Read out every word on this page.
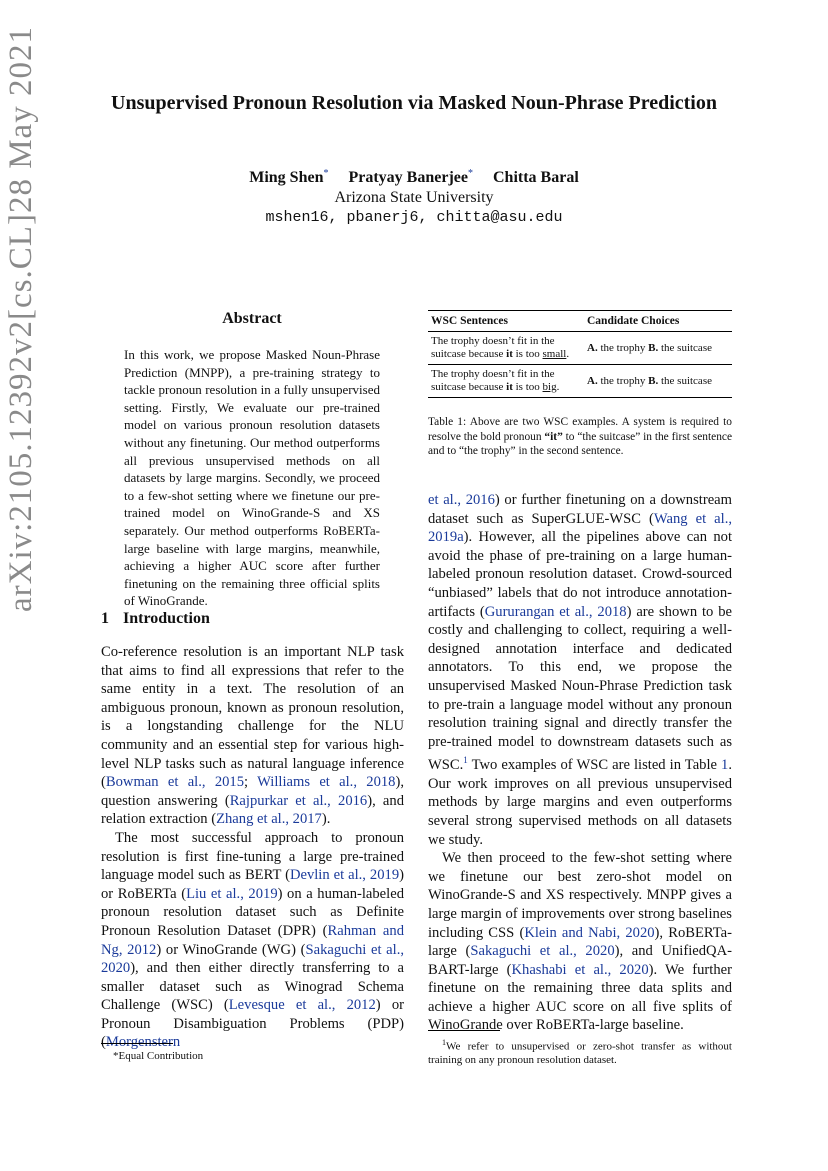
arXiv:2105.12392v2
[cs.CL]
28 May 2021	Unsupervised Pronoun Resolution via Masked Noun-Phrase Prediction
Ming Shen* Pratyay Banerjee* Chitta Baral
Arizona State University
mshen16, pbanerj6, chitta@asu.edu
Abstract
In this work, we propose Masked Noun-Phrase Prediction (MNPP), a pre-training strategy to tackle pronoun resolution in a fully unsupervised setting. Firstly, We evaluate our pre-trained model on various pronoun resolution datasets without any finetuning. Our method outperforms all previous unsupervised methods on all datasets by large margins. Secondly, we proceed to a few-shot setting where we finetune our pre-trained model on WinoGrande-S and XS separately. Our method outperforms RoBERTa-large baseline with large margins, meanwhile, achieving a higher AUC score after further finetuning on the remaining three official splits of WinoGrande.
1 Introduction

Co-reference resolution is an important NLP task that aims to find all expressions that refer to the same entity in a text. The resolution of an ambiguous pronoun, known as pronoun resolution, is a longstanding challenge for the NLU community and an essential step for various high-level NLP tasks such as natural language inference (Bowman et al., 2015; Williams et al., 2018), question answering (Rajpurkar et al., 2016), and relation extraction (Zhang et al., 2017).

The most successful approach to pronoun resolution is first fine-tuning a large pre-trained language model such as BERT (Devlin et al., 2019) or RoBERTa (Liu et al., 2019) on a human-labeled pronoun resolution dataset such as Definite Pronoun Resolution Dataset (DPR) (Rahman and Ng, 2012) or WinoGrande (WG) (Sakaguchi et al., 2020), and then either directly transferring to a smaller dataset such as Winograd Schema Challenge (WSC) (Levesque et al., 2012) or Pronoun Disambiguation Problems (PDP) (Morgenstern

*Equal Contribution
WSC Sentences	Candidate Choices
The trophy doesn’t fit in the suitcase because it is too small.	A. the trophy B. the suitcase
The trophy doesn’t fit in the suitcase because it is too big.	A. the trophy B. the suitcase
Table 1: Above are two WSC examples. A system is required to resolve the bold pronoun “it” to “the suitcase” in the first sentence and to “the trophy” in the second sentence.

et al., 2016) or further finetuning on a downstream dataset such as SuperGLUE-WSC (Wang et al., 2019a). However, all the pipelines above can not avoid the phase of pre-training on a large human-labeled pronoun resolution dataset. Crowd-sourced “unbiased” labels that do not introduce annotation-artifacts (Gururangan et al., 2018) are shown to be costly and challenging to collect, requiring a well-designed annotation interface and dedicated annotators. To this end, we propose the unsupervised Masked Noun-Phrase Prediction task to pre-train a language model without any pronoun resolution training signal and directly transfer the pre-trained model to downstream datasets such as WSC.$^1$ Two examples of WSC are listed in Table 1. Our work improves on all previous unsupervised methods by large margins and even outperforms several strong supervised methods on all datasets we study.

We then proceed to the few-shot setting where we finetune our best zero-shot model on WinoGrande-S and XS respectively. MNPP gives a large margin of improvements over strong baselines including CSS (Klein and Nabi, 2020), RoBERTa-large (Sakaguchi et al., 2020), and UnifiedQA-BART-large (Khashabi et al., 2020). We further finetune on the remaining three data splits and achieve a higher AUC score on all five splits of WinoGrande over RoBERTa-large baseline.

$^1$We refer to unsupervised or zero-shot transfer as without training on any pronoun resolution dataset.
